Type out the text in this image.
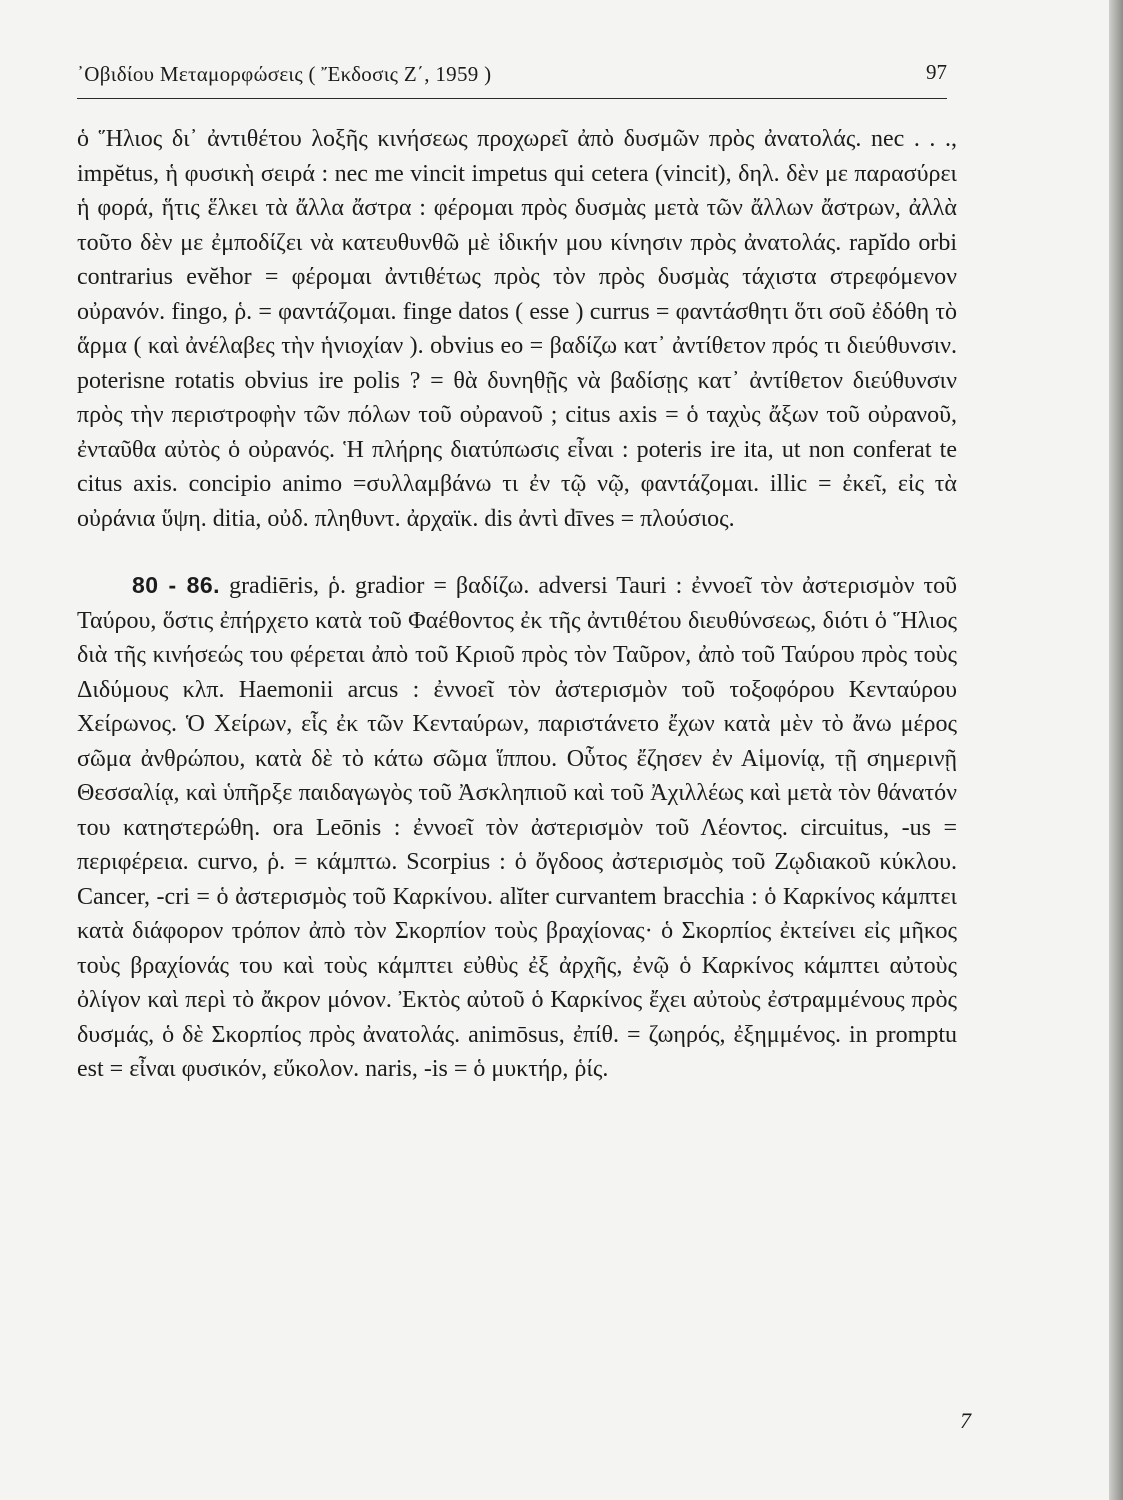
᾽Οβιδίου Μεταμορφώσεις ( Ἔκδοσις Ζ΄, 1959 )	97

ὁ Ἥλιος δι᾽ ἀντιθέτου λοξῆς κινήσεως προχωρεῖ ἀπὸ δυσμῶν πρὸς ἀνατολάς. nec . . ., impĕtus, ἡ φυσικὴ σειρά : nec me vincit impetus qui cetera (vincit), δηλ. δὲν με παρασύρει ἡ φορά, ἥτις ἕλκει τὰ ἄλλα ἄστρα : φέρομαι πρὸς δυσμὰς μετὰ τῶν ἄλλων ἄστρων, ἀλλὰ τοῦτο δὲν με ἐμποδίζει νὰ κατευθυνθῶ μὲ ἰδικήν μου κίνησιν πρὸς ἀνατολάς. rapĭdo orbi contrarius evĕhor = φέρομαι ἀντιθέτως πρὸς τὸν πρὸς δυσμὰς τάχιστα στρεφόμενον οὐρανόν. fingo, ῥ. = φαντάζομαι. finge datos ( esse ) currus = φαντάσθητι ὅτι σοῦ ἐδόθη τὸ ἅρμα ( καὶ ἀνέλαβες τὴν ἡνιοχίαν ). obvius eo = βαδίζω κατ᾽ ἀντίθετον πρός τι διεύθυνσιν. poterisne rotatis obvius ire polis ? = θὰ δυνηθῇς νὰ βαδίσῃς κατ᾽ ἀντίθετον διεύθυνσιν πρὸς τὴν περιστροφὴν τῶν πόλων τοῦ οὐρανοῦ ; citus axis = ὁ ταχὺς ἄξων τοῦ οὐρανοῦ, ἐνταῦθα αὐτὸς ὁ οὐρανός. Ἡ πλήρης διατύπωσις εἶναι : poteris ire ita, ut non conferat te citus axis. concipio animo =συλλαμβάνω τι ἐν τῷ νῷ, φαντάζομαι. illic = ἐκεῖ, εἰς τὰ οὐράνια ὕψη. ditia, οὐδ. πληθυντ. ἀρχαϊκ. dis ἀντὶ dīves = πλούσιος.

80 - 86. gradiēris, ῥ. gradior = βαδίζω. adversi Tauri : ἐννοεῖ τὸν ἀστερισμὸν τοῦ Ταύρου, ὅστις ἐπήρχετο κατὰ τοῦ Φαέθοντος ἐκ τῆς ἀντιθέτου διευθύνσεως, διότι ὁ Ἥλιος διὰ τῆς κινήσεώς του φέρεται ἀπὸ τοῦ Κριοῦ πρὸς τὸν Ταῦρον, ἀπὸ τοῦ Ταύρου πρὸς τοὺς Διδύμους κλπ. Haemonii arcus : ἐννοεῖ τὸν ἀστερισμὸν τοῦ τοξοφόρου Κενταύρου Χείρωνος. Ὁ Χείρων, εἷς ἐκ τῶν Κενταύρων, παριστάνετο ἔχων κατὰ μὲν τὸ ἄνω μέρος σῶμα ἀνθρώπου, κατὰ δὲ τὸ κάτω σῶμα ἵππου. Οὗτος ἔζησεν ἐν Αἱμονίᾳ, τῇ σημερινῇ Θεσσαλίᾳ, καὶ ὑπῆρξε παιδαγωγὸς τοῦ Ἀσκληπιοῦ καὶ τοῦ Ἀχιλλέως καὶ μετὰ τὸν θάνατόν του κατηστερώθη. ora Leōnis : ἐννοεῖ τὸν ἀστερισμὸν τοῦ Λέοντος. circuitus, -us = περιφέρεια. curvo, ῥ. = κάμπτω. Scorpius : ὁ ὄγδοος ἀστερισμὸς τοῦ Ζῳδιακοῦ κύκλου. Cancer, -cri = ὁ ἀστερισμὸς τοῦ Καρκίνου. alĭter curvantem bracchia : ὁ Καρκίνος κάμπτει κατὰ διάφορον τρόπον ἀπὸ τὸν Σκορπίον τοὺς βραχίονας· ὁ Σκορπίος ἐκτείνει εἰς μῆκος τοὺς βραχίονάς του καὶ τοὺς κάμπτει εὐθὺς ἐξ ἀρχῆς, ἐνῷ ὁ Καρκίνος κάμπτει αὐτοὺς ὀλίγον καὶ περὶ τὸ ἄκρον μόνον. Ἐκτὸς αὐτοῦ ὁ Καρκίνος ἔχει αὐτοὺς ἐστραμμένους πρὸς δυσμάς, ὁ δὲ Σκορπίος πρὸς ἀνατολάς. animōsus, ἐπίθ. = ζωηρός, ἐξημμένος. in promptu est = εἶναι φυσικόν, εὔκολον. naris, -is = ὁ μυκτήρ, ῥίς.

7
